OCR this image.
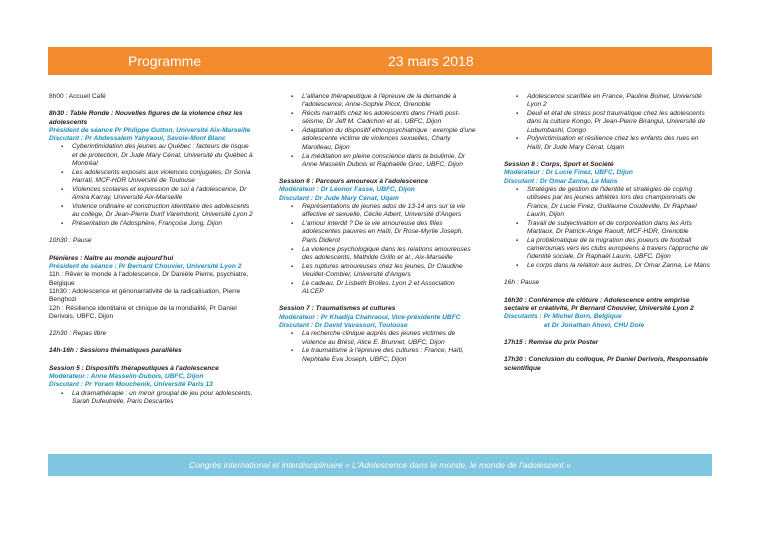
Programme	23 mars 2018
8h00 : Accueil Café
8h30 : Table Ronde : Nouvelles figures de la violence chez les adolescents
Président de séance Pr Philippe Gutton, Université Aix-Marseille
Discutant : Pr Abdessalem Yahyaoui, Savoie-Mont Blanc
▪ Cyberintimidation des jeunes au Québec : facteurs de risque et de protection, Dr Jude Mary Cénat, Université du Québec à Montréal
▪ Les adolescents exposés aux violences conjugales, Dr Sonia Harrati, MCF-HDR Université de Toulouse
▪ Violences scolaires et expression de soi à l'adolescence, Dr Amira Karray, Université Aix-Marseille
▪ Violence ordinaire et construction identitaire des adolescents au collège, Dr Jean-Pierre Durif Varembont, Université Lyon 2
▪ Présentation de l'Adosphère, Françoise Jung, Dijon
10h30 : Pause
Plénières : Naître au monde aujourd'hui
Président de séance : Pr Bernard Chouvier, Université Lyon 2
11h : Rêver le monde à l'adolescence, Dr Danièle Pierre, psychiatre, Belgique
11h30 : Adolescence et génonarrativité de la radicalisation, Pierre Benghozi
12h : Résilience identitaire et clinique de la mondialité, Pr Daniel Derivois, UBFC, Dijon
12h30 : Repas libre
14h-16h : Sessions thématiques parallèles
Session 5 : Dispositifs thérapeutiques à l'adolescence
Modérateur : Anne Masselin-Dubois, UBFC, Dijon
Discutant : Pr Yoram Mouchenik, Université Paris 13
▪ La dramathérapie : un miroir groupal de jeu pour adolescents, Sarah Dufeutrelle, Paris Descartes
▪ L'alliance thérapeutique à l'épreuve de la demande à l'adolescence, Anne-Sophie Picot, Grenoble
▪ Récits narratifs chez les adolescents dans l'Haïti post-séisme, Dr Jeff M. Cadichon et al., UBFC, Dijon
▪ Adaptation du dispositif ethnopsychiatrique : exemple d'une adolescente victime de violences sexuelles, Charly Marolleau, Dijon
▪ La méditation en pleine conscience dans la boulimie, Dr Anne Masselin Dubois et Raphaëlle Grec, UBFC, Dijon
Session 6 : Parcours amoureux à l'adolescence
Modérateur : Dr Léonor Fasse, UBFC, Dijon
Discutant : Dr Jude Mary Cénat, Uqam
▪ Représentations de jeunes ados de 13-14 ans sur la vie affective et sexuelle, Cécile Albert, Université d'Angers
▪ L'amour interdit ? De la vie amoureuse des filles adolescentes pauvres en Haïti, Dr Rose-Myrlie Joseph, Paris Diderot
▪ La violence psychologique dans les relations amoureuses des adolescents, Mathilde Grillo et al., Aix-Marseille
▪ Les ruptures amoureuses chez les jeunes, Dr Claudine Veuillet-Combier, Université d'Angers
▪ Le cadeau, Dr Lisbeth Brolles, Lyon 2 et Association ALCEP
Session 7 : Traumatismes et cultures
Modérateur : Pr Khadija Chahraoui, Vice-présidente UBFC
Discutant : Dr David Vavassori, Toulouse
▪ La recherche clinique auprès des jeunes victimes de violence au Brésil, Alice E. Brunnet, UBFC, Dijon
▪ Le traumatisme à l'épreuve des cultures : France, Haïti, Nephtalie Eva Joseph, UBFC, Dijon
▪ Adolescence scarifiée en France, Pauline Boinet, Université Lyon 2
▪ Deuil et état de stress post traumatique chez les adolescents dans la culture Kongo, Pr Jean-Pierre Birangui, Université de Lubumbashi, Congo
▪ Polyvictimisation et résilience chez les enfants des rues en Haïti, Dr Jude Mary Cénat, Uqam
Session 8 : Corps, Sport et Société
Modérateur : Dr Lucie Finez, UBFC, Dijon
Discutant : Dr Omar Zanna, Le Mans
▪ Stratégies de gestion de l'identité et stratégies de coping utilisées par les jeunes athlètes lors des championnats de France, Dr Lucie Finez, Guillaume Coudeville, Dr Raphael Laurin, Dijon
▪ Travail de subjectivation et de corporéation dans les Arts Martiaux, Dr Patrick-Ange Raoult, MCF-HDR, Grenoble
▪ La problématique de la migration des joueurs de football camerounais vers les clubs européens à travers l'approche de l'identité sociale, Dr Raphaël Laurin, UBFC, Dijon
▪ Le corps dans la relation aux autres, Dr Omar Zanna, Le Mans
16h : Pause
16h30 : Conférence de clôture : Adolescence entre emprise sectaire et créativité, Pr Bernard Chouvier, Université Lyon 2
Discutants : Pr Michel Born, Belgique
et Dr Jonathan Ahovi, CHU Dole
17h15 : Remise du prix Poster
17h30 : Conclusion du colloque, Pr Daniel Derivois, Responsable scientifique
Congrès international et interdisciplinaire « L'Adolescence dans le monde, le monde de l'adolescent »
